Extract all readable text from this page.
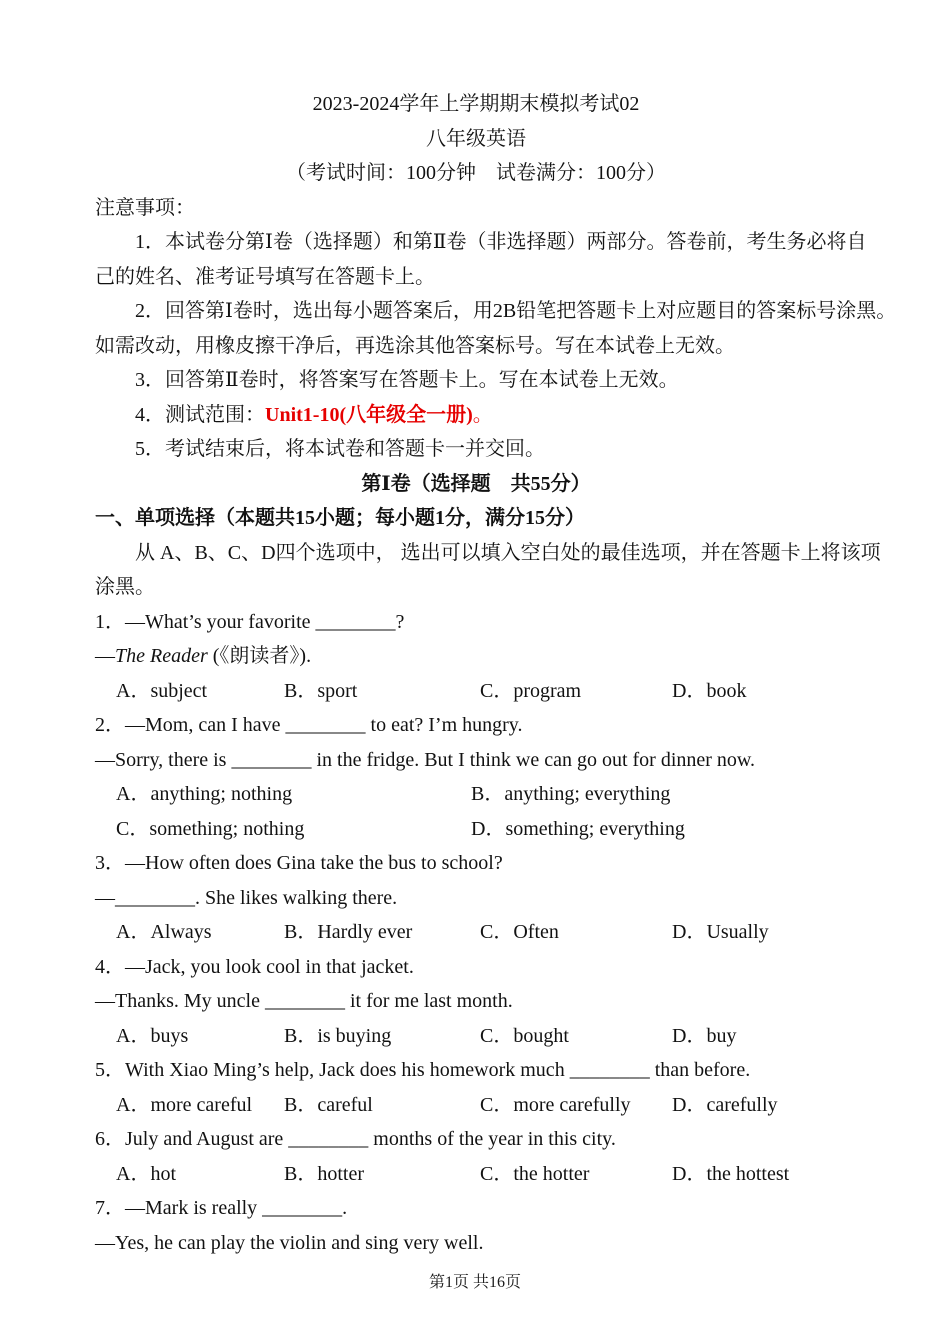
2023-2024学年上学期期末模拟考试02
八年级英语
（考试时间：100分钟　试卷满分：100分）
注意事项：
1．本试卷分第Ⅰ卷（选择题）和第Ⅱ卷（非选择题）两部分。答卷前，考生务必将自
己的姓名、准考证号填写在答题卡上。
2．回答第Ⅰ卷时，选出每小题答案后，用2B铅笔把答题卡上对应题目的答案标号涂黑。
如需改动，用橡皮擦干净后，再选涂其他答案标号。写在本试卷上无效。
3．回答第Ⅱ卷时，将答案写在答题卡上。写在本试卷上无效。
4．测试范围：Unit1-10(八年级全一册)。
5．考试结束后，将本试卷和答题卡一并交回。
第Ⅰ卷（选择题　共55分）
一、单项选择（本题共15小题；每小题1分，满分15分）
从 A、B、C、D四个选项中， 选出可以填入空白处的最佳选项，并在答题卡上将该项
涂黑。
1．—What’s your favorite ________?
—The Reader (《朗读者》).
A．subject	B．sport	C．program	D．book
2．—Mom, can I have ________ to eat? I’m hungry.
—Sorry, there is ________ in the fridge. But I think we can go out for dinner now.
A．anything; nothing	B．anything; everything
C．something; nothing	D．something; everything
3．—How often does Gina take the bus to school?
—________. She likes walking there.
A．Always	B．Hardly ever	C．Often	D．Usually
4．—Jack, you look cool in that jacket.
—Thanks. My uncle ________ it for me last month.
A．buys	B．is buying	C．bought	D．buy
5．With Xiao Ming’s help, Jack does his homework much ________ than before.
A．more careful	B．careful	C．more carefully	D．carefully
6．July and August are ________ months of the year in this city.
A．hot	B．hotter	C．the hotter	D．the hottest
7．—Mark is really ________.
—Yes, he can play the violin and sing very well.
第1页 共16页
